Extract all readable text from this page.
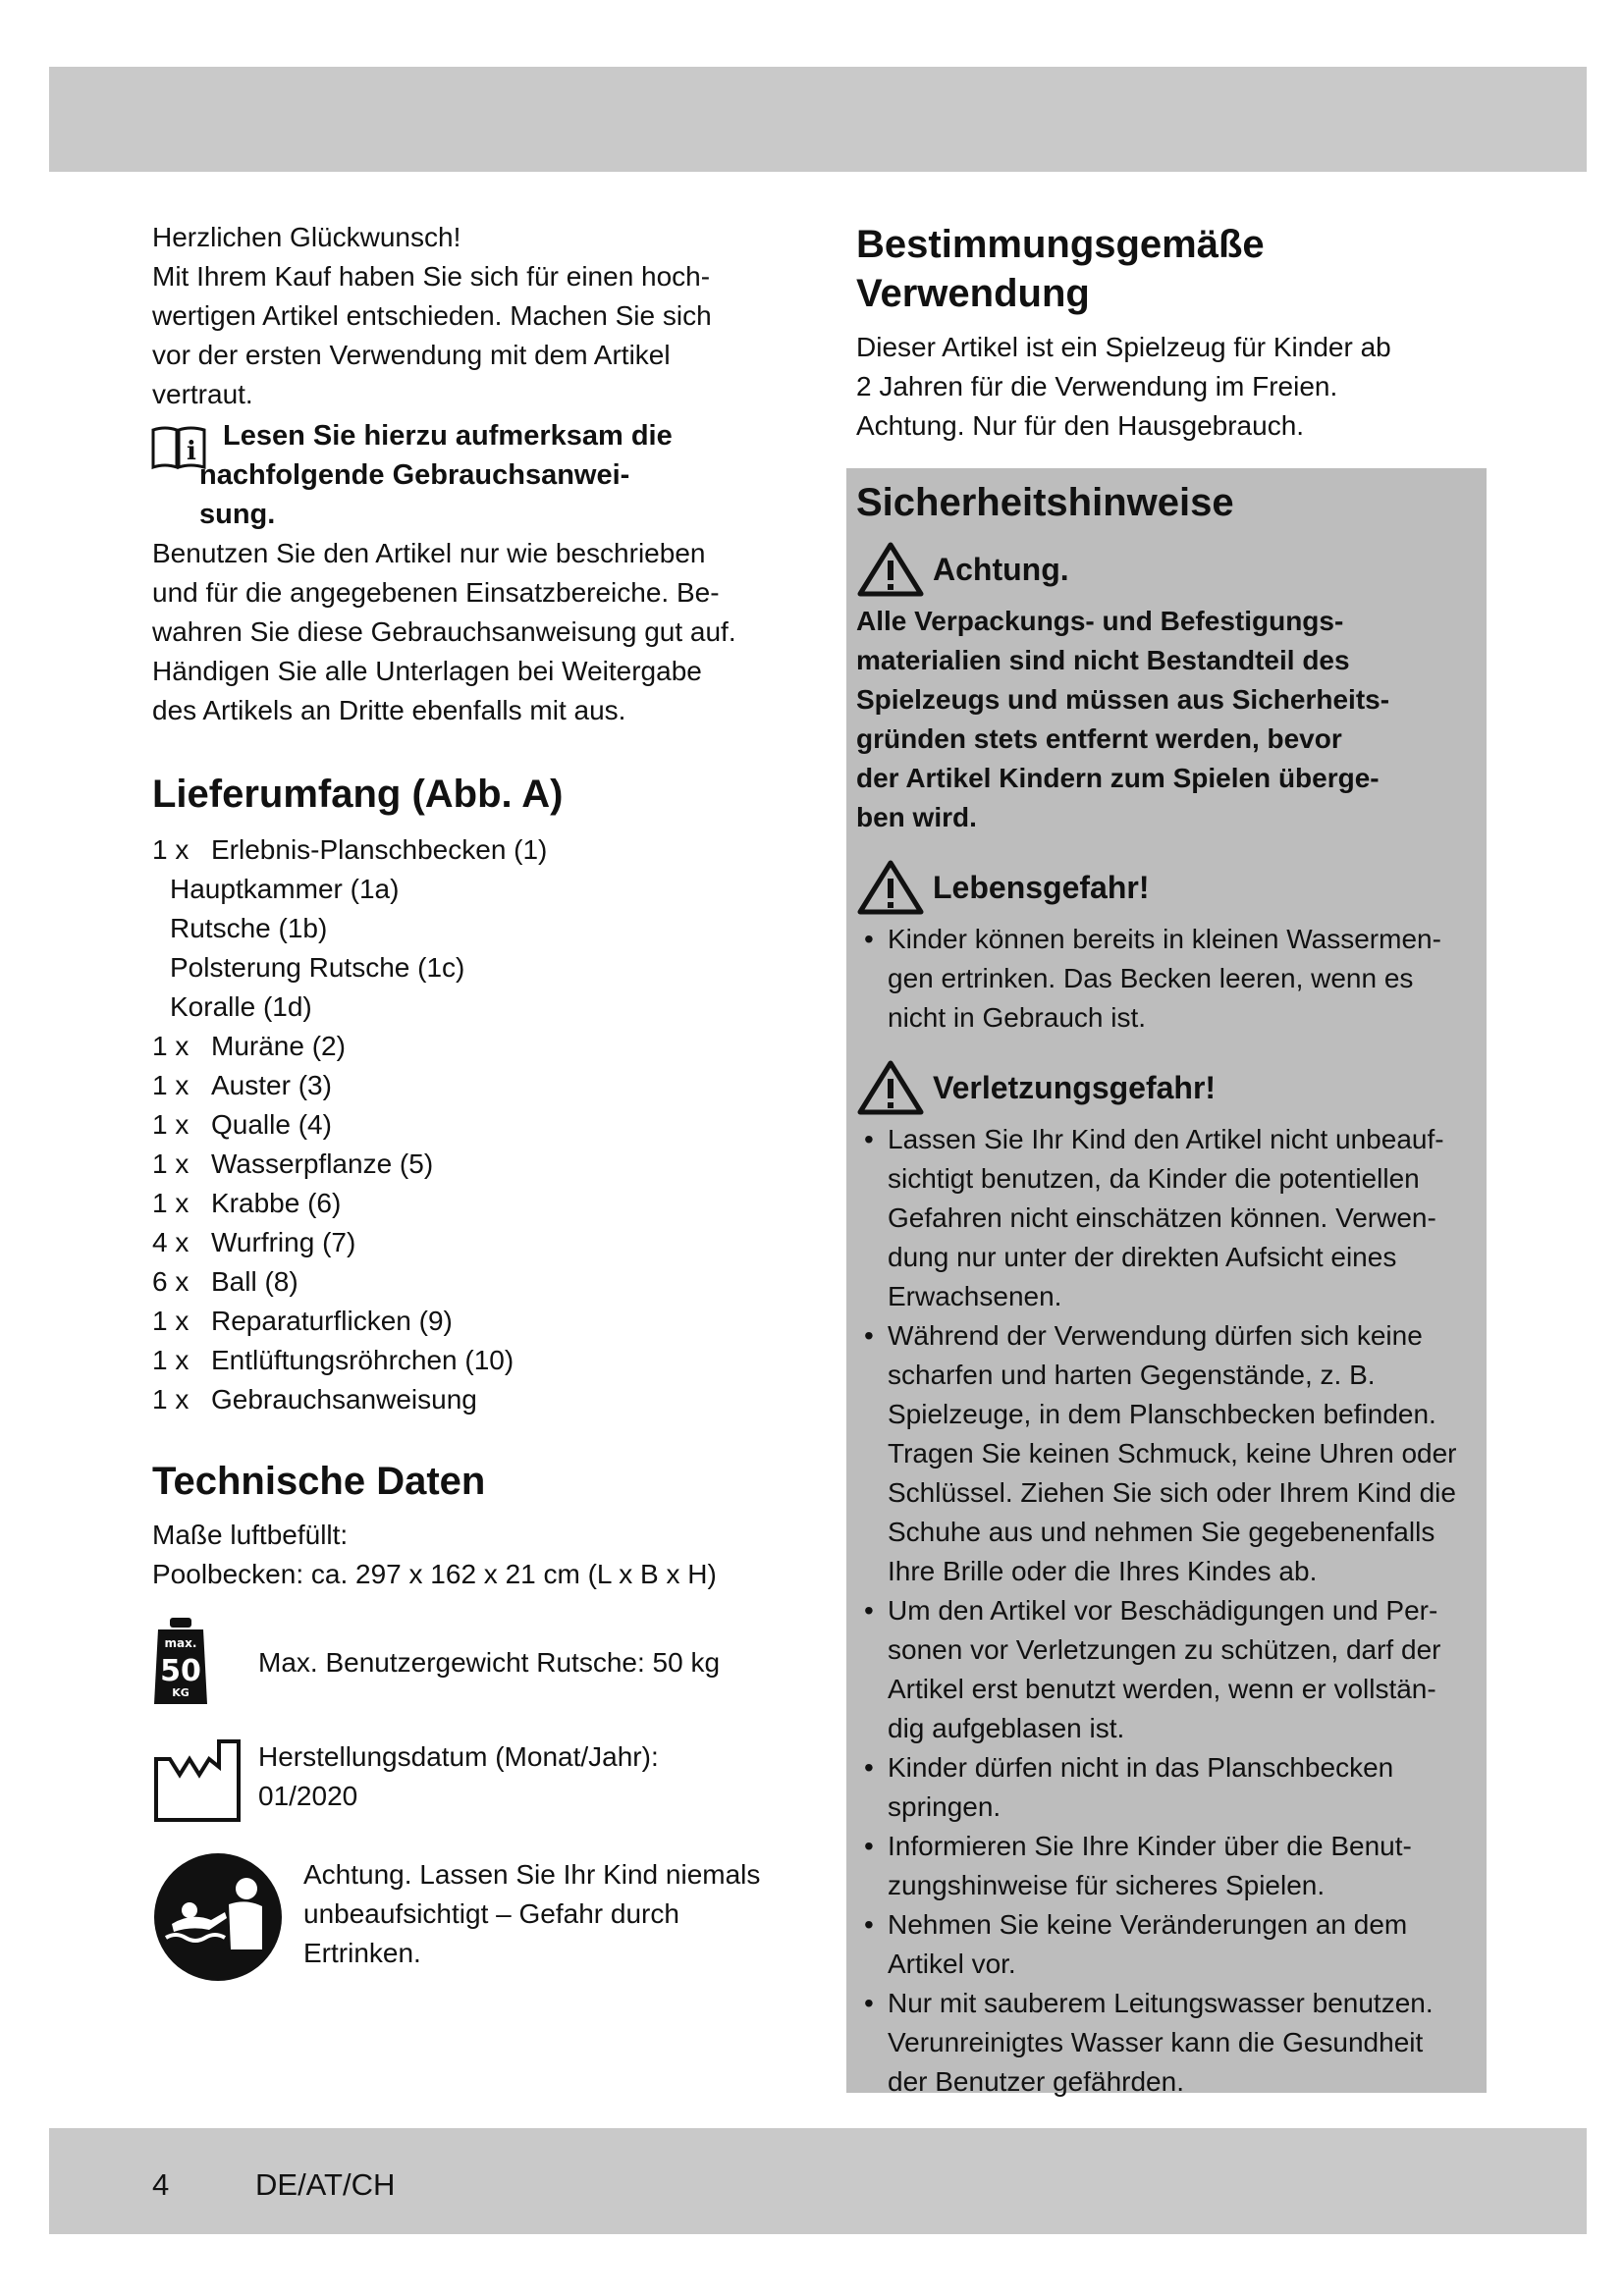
4	DE/AT/CH

Herzlichen Glückwunsch!

Mit Ihrem Kauf haben Sie sich für einen hoch-

wertigen Artikel entschieden. Machen Sie sich

vor der ersten Verwendung mit dem Artikel

vertraut.

i Lesen Sie hierzu aufmerksam die
nachfolgende Gebrauchsanwei-
sung.

Benutzen Sie den Artikel nur wie beschrieben

und für die angegebenen Einsatzbereiche. Be-

wahren Sie diese Gebrauchsanweisung gut auf.

Händigen Sie alle Unterlagen bei Weitergabe

des Artikels an Dritte ebenfalls mit aus.

Lieferumfang (Abb. A)
1 x Erlebnis-Planschbecken (1)
Hauptkammer (1a)
Rutsche (1b)
Polsterung Rutsche (1c)
Koralle (1d)
1 x Muräne (2)
1 x Auster (3)
1 x Qualle (4)
1 x Wasserpflanze (5)
1 x Krabbe (6)
4 x Wurfring (7)
6 x Ball (8)
1 x Reparaturflicken (9)
1 x Entlüftungsröhrchen (10)
1 x Gebrauchsanweisung
Technische Daten

Maße luftbefüllt:

Poolbecken: ca. 297 x 162 x 21 cm (L x B x H)

max.
50
KG
Max. Benutzergewicht Rutsche: 50 kg
Herstellungsdatum (Monat/Jahr):
01/2020
Achtung. Lassen Sie Ihr Kind niemals
unbeaufsichtigt – Gefahr durch
Ertrinken.
Bestimmungsgemäße
Verwendung

Dieser Artikel ist ein Spielzeug für Kinder ab

2 Jahren für die Verwendung im Freien.

Achtung. Nur für den Hausgebrauch.

Sicherheitshinweise
Achtung.
Alle Verpackungs- und Befestigungs-
materialien sind nicht Bestandteil des
Spielzeugs und müssen aus Sicherheits-
gründen stets entfernt werden, bevor
der Artikel Kindern zum Spielen überge-
ben wird.
Lebensgefahr!
• Kinder können bereits in kleinen Wassermen-
gen ertrinken. Das Becken leeren, wenn es
nicht in Gebrauch ist.
Verletzungsgefahr!
• Lassen Sie Ihr Kind den Artikel nicht unbeauf-
sichtigt benutzen, da Kinder die potentiellen
Gefahren nicht einschätzen können. Verwen-
dung nur unter der direkten Aufsicht eines
Erwachsenen.
• Während der Verwendung dürfen sich keine
scharfen und harten Gegenstände, z. B.
Spielzeuge, in dem Planschbecken befinden.
Tragen Sie keinen Schmuck, keine Uhren oder
Schlüssel. Ziehen Sie sich oder Ihrem Kind die
Schuhe aus und nehmen Sie gegebenenfalls
Ihre Brille oder die Ihres Kindes ab.
• Um den Artikel vor Beschädigungen und Per-
sonen vor Verletzungen zu schützen, darf der
Artikel erst benutzt werden, wenn er vollstän-
dig aufgeblasen ist.
• Kinder dürfen nicht in das Planschbecken
springen.
• Informieren Sie Ihre Kinder über die Benut-
zungshinweise für sicheres Spielen.
• Nehmen Sie keine Veränderungen an dem
Artikel vor.
• Nur mit sauberem Leitungswasser benutzen.
Verunreinigtes Wasser kann die Gesundheit
der Benutzer gefährden.
